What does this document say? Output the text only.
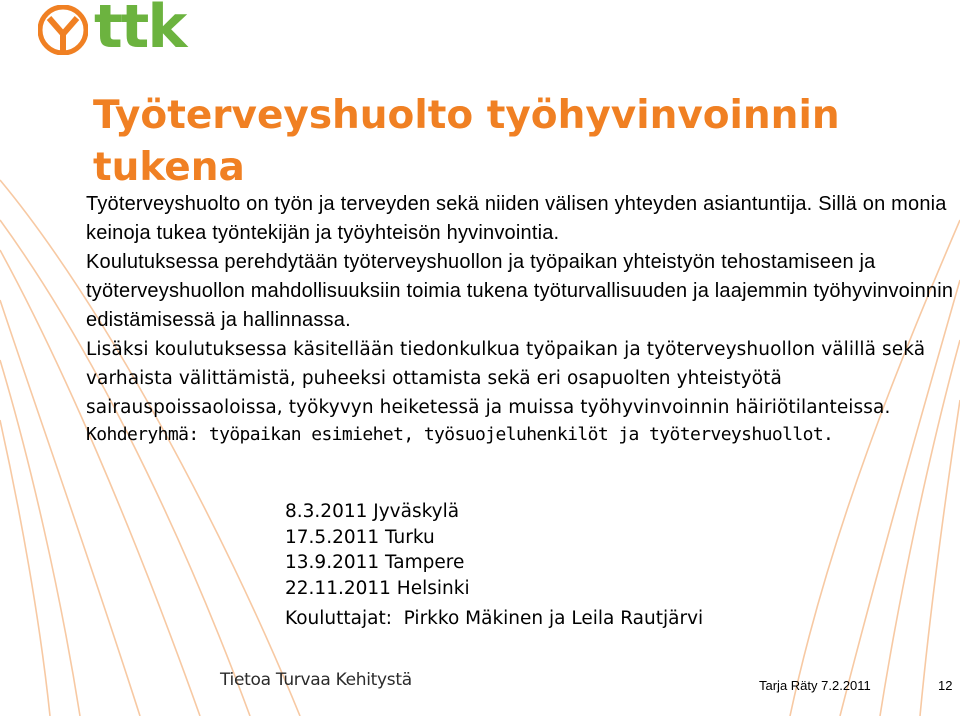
ttk
Työterveyshuolto työhyvinvoinnin tukena

Työterveyshuolto on työn ja terveyden sekä niiden välisen yhteyden asiantuntija. Sillä on monia keinoja tukea työntekijän ja työyhteisön hyvinvointia.

Koulutuksessa perehdytään työterveyshuollon ja työpaikan yhteistyön tehostamiseen ja työterveyshuollon mahdollisuuksiin toimia tukena työturvallisuuden ja laajemmin työhyvinvoinnin edistämisessä ja hallinnassa.

Lisäksi koulutuksessa käsitellään tiedonkulkua työpaikan ja työterveyshuollon välillä sekä varhaista välittämistä, puheeksi ottamista sekä eri osapuolten yhteistyötä sairauspoissaoloissa, työkyvyn heiketessä ja muissa työhyvinvoinnin häiriötilanteissa.

Kohderyhmä: työpaikan esimiehet, työsuojeluhenkilöt ja työterveyshuollot.

8.3.2011 Jyväskylä
17.5.2011 Turku
13.9.2011 Tampere
22.11.2011 Helsinki
Kouluttajat:  Pirkko Mäkinen ja Leila Rautjärvi
Tietoa Turvaa Kehitystä	Tarja Räty 7.2.2011	12
